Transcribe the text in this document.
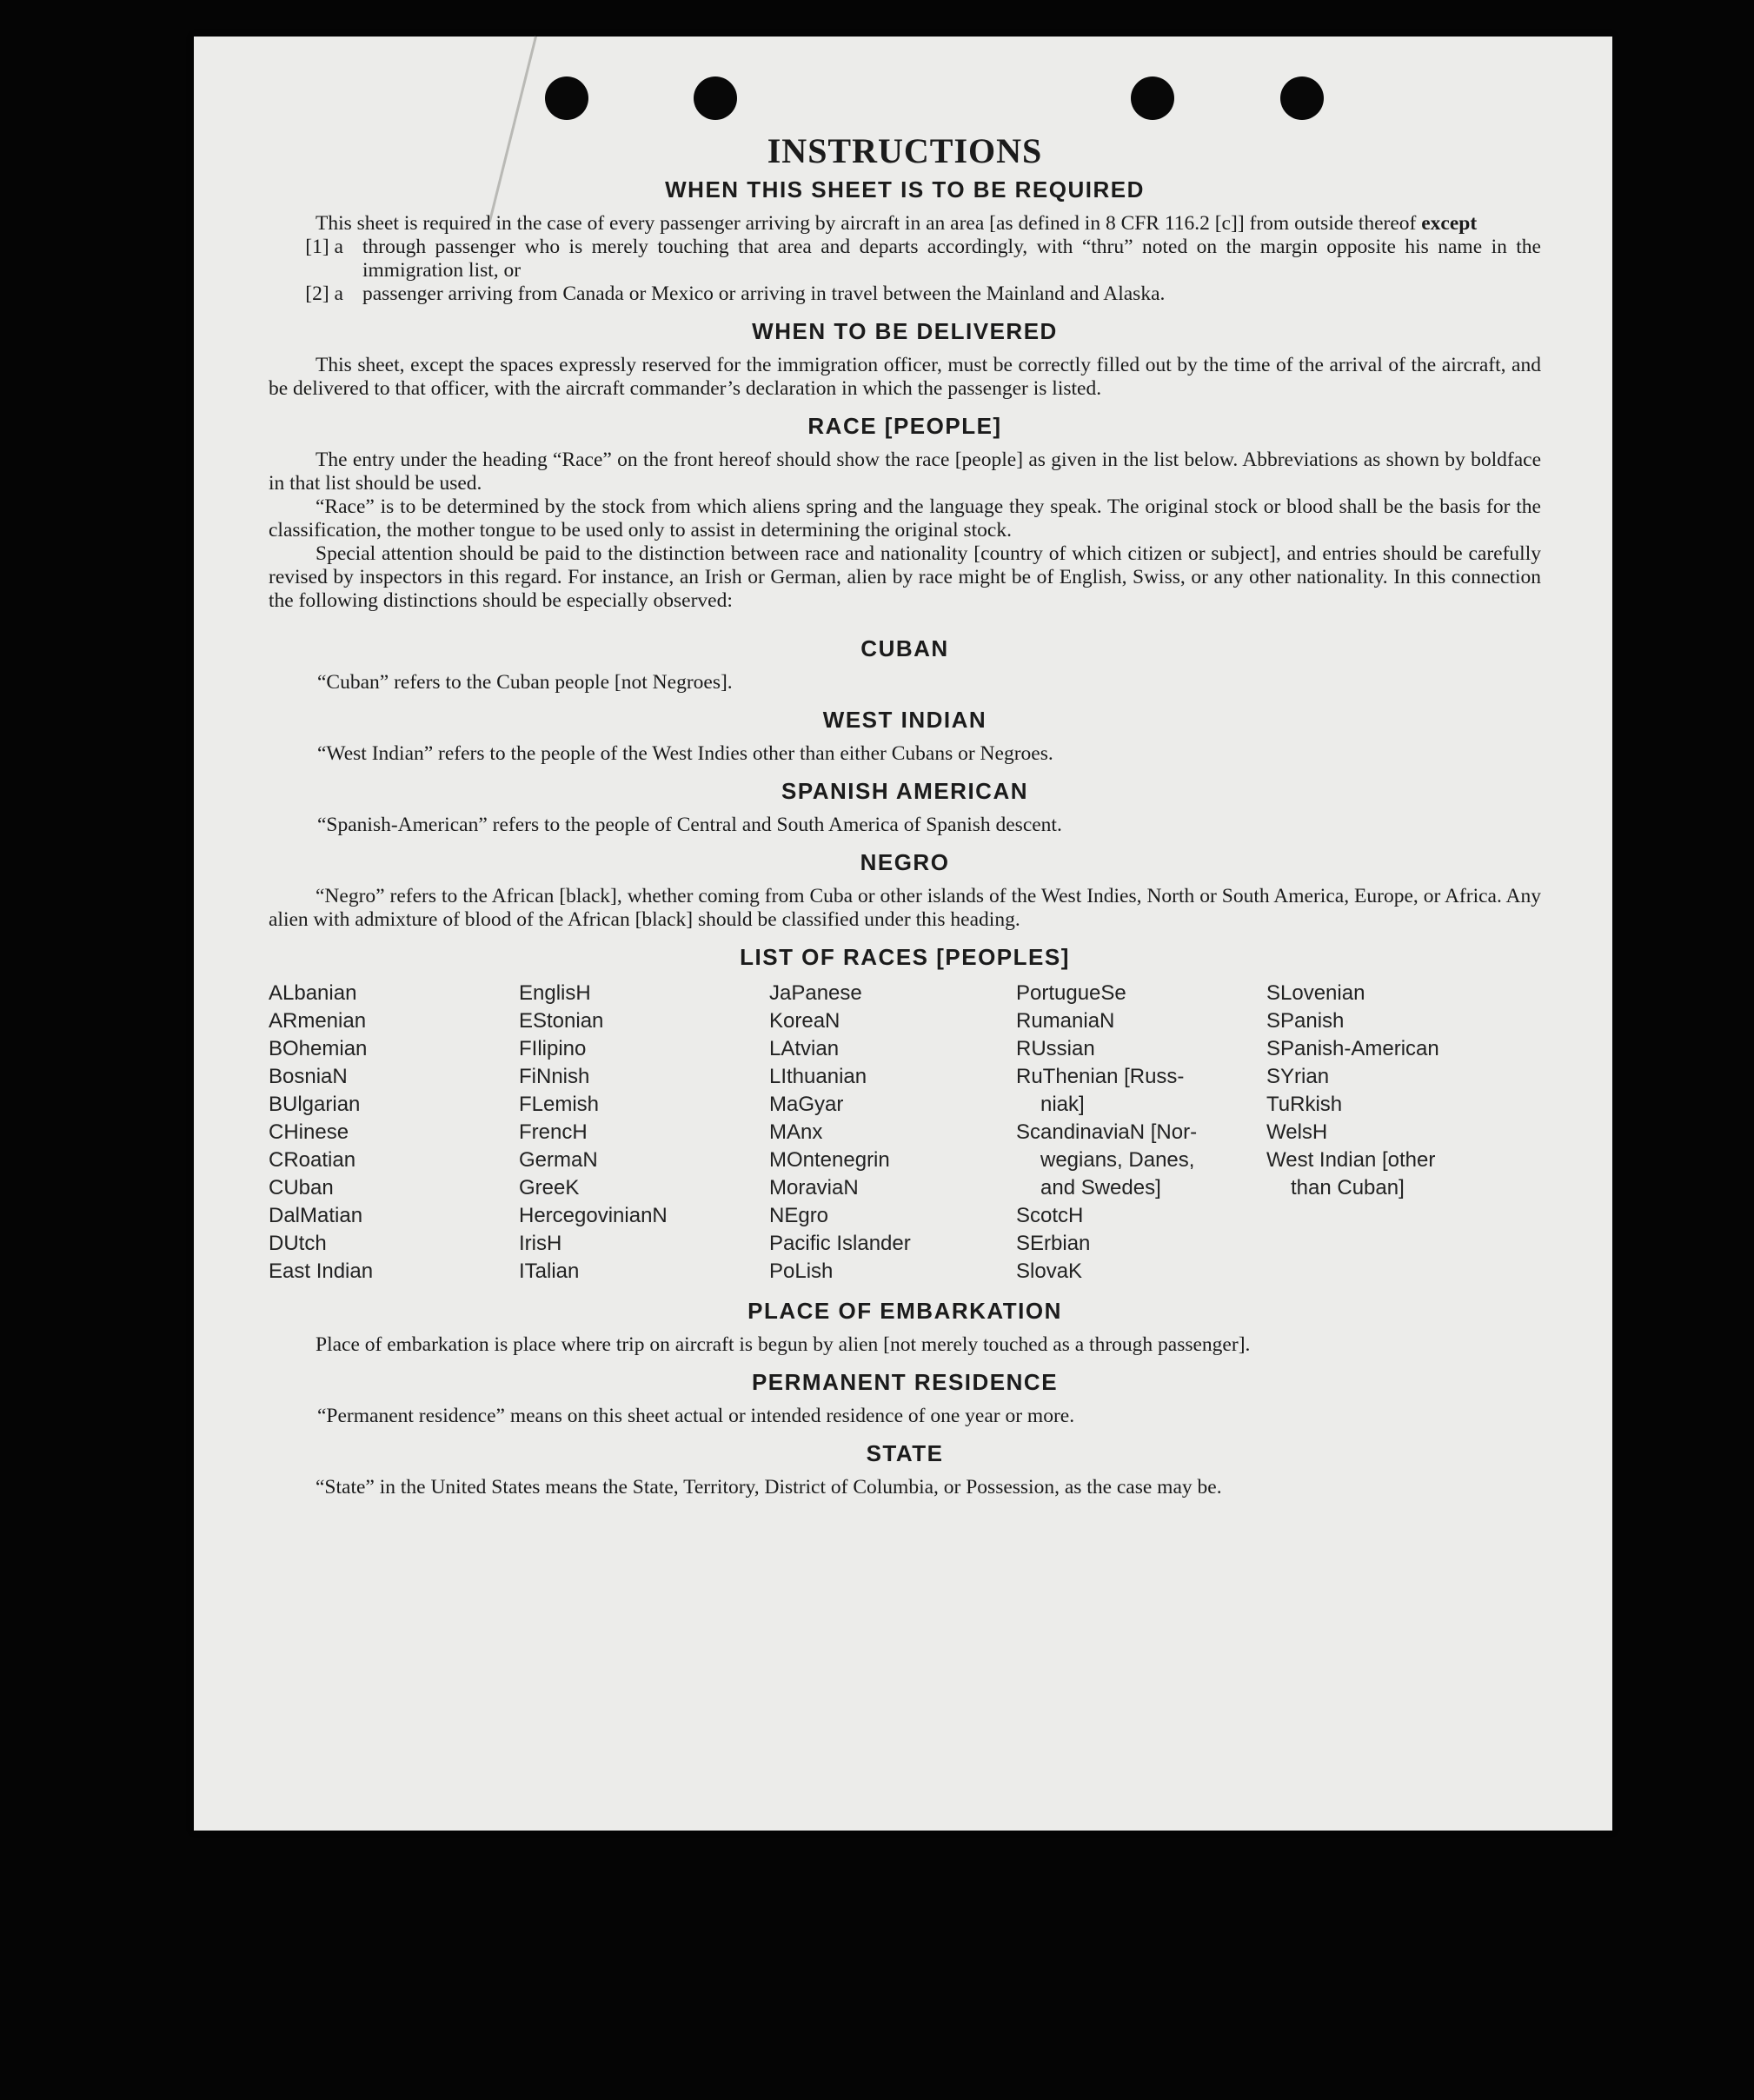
INSTRUCTIONS
WHEN THIS SHEET IS TO BE REQUIRED

This sheet is required in the case of every passenger arriving by aircraft in an area [as defined in 8 CFR 116.2 [c]] from outside thereof except

[1] a through passenger who is merely touching that area and departs accordingly, with “thru” noted on the margin opposite his name in the immigration list, or
[2] a passenger arriving from Canada or Mexico or arriving in travel between the Mainland and Alaska.
WHEN TO BE DELIVERED

This sheet, except the spaces expressly reserved for the immigration officer, must be correctly filled out by the time of the arrival of the aircraft, and be delivered to that officer, with the aircraft commander’s declaration in which the passenger is listed.

RACE [PEOPLE]

The entry under the heading “Race” on the front hereof should show the race [people] as given in the list below. Abbreviations as shown by boldface in that list should be used.

“Race” is to be determined by the stock from which aliens spring and the language they speak. The original stock or blood shall be the basis for the classification, the mother tongue to be used only to assist in determining the original stock.

Special attention should be paid to the distinction between race and nationality [country of which citizen or subject], and entries should be carefully revised by inspectors in this regard. For instance, an Irish or German, alien by race might be of English, Swiss, or any other nationality. In this connection the following distinctions should be especially observed:

CUBAN

“Cuban” refers to the Cuban people [not Negroes].

WEST INDIAN

“West Indian” refers to the people of the West Indies other than either Cubans or Negroes.

SPANISH AMERICAN

“Spanish-American” refers to the people of Central and South America of Spanish descent.

NEGRO

“Negro” refers to the African [black], whether coming from Cuba or other islands of the West Indies, North or South America, Europe, or Africa. Any alien with admixture of blood of the African [black] should be classified under this heading.

LIST OF RACES [PEOPLES]
ALbanian
ARmenian
BOhemian
BosniaN
BUlgarian
CHinese
CRoatian
CUban
DalMatian
DUtch
East Indian
EnglisH
EStonian
FIlipino
FiNnish
FLemish
FrencH
GermaN
GreeK
HercegovinianN
IrisH
ITalian
JaPanese
KoreaN
LAtvian
LIthuanian
MaGyar
MAnx
MOntenegrin
MoraviaN
NEgro
Pacific Islander
PoLish
PortugueSe
RumaniaN
RUssian
RuThenian [Russ-
niak]
ScandinaviaN [Nor-
wegians, Danes,
and Swedes]
ScotcH
SErbian
SlovaK
SLovenian
SPanish
SPanish-American
SYrian
TuRkish
WelsH
West Indian [other
than Cuban]
PLACE OF EMBARKATION

Place of embarkation is place where trip on aircraft is begun by alien [not merely touched as a through passenger].

PERMANENT RESIDENCE

“Permanent residence” means on this sheet actual or intended residence of one year or more.

STATE

“State” in the United States means the State, Territory, District of Columbia, or Possession, as the case may be.
